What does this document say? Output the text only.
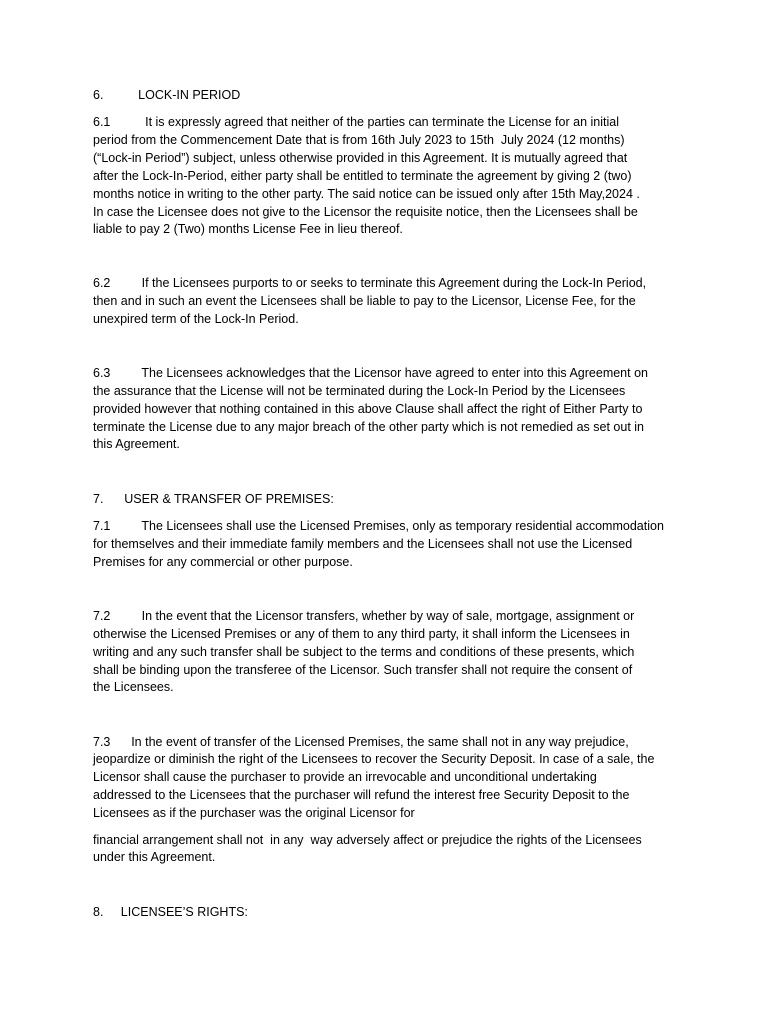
6.          LOCK-IN PERIOD
6.1          It is expressly agreed that neither of the parties can terminate the License for an initial
period from the Commencement Date that is from 16th July 2023 to 15th  July 2024 (12 months)
(“Lock-in Period”) subject, unless otherwise provided in this Agreement. It is mutually agreed that
after the Lock-In-Period, either party shall be entitled to terminate the agreement by giving 2 (two)
months notice in writing to the other party. The said notice can be issued only after 15th May,2024 .
In case the Licensee does not give to the Licensor the requisite notice, then the Licensees shall be
liable to pay 2 (Two) months License Fee in lieu thereof.
6.2         If the Licensees purports to or seeks to terminate this Agreement during the Lock-In Period,
then and in such an event the Licensees shall be liable to pay to the Licensor, License Fee, for the
unexpired term of the Lock-In Period.
6.3         The Licensees acknowledges that the Licensor have agreed to enter into this Agreement on
the assurance that the License will not be terminated during the Lock-In Period by the Licensees
provided however that nothing contained in this above Clause shall affect the right of Either Party to
terminate the License due to any major breach of the other party which is not remedied as set out in
this Agreement.
7.      USER & TRANSFER OF PREMISES:
7.1         The Licensees shall use the Licensed Premises, only as temporary residential accommodation
for themselves and their immediate family members and the Licensees shall not use the Licensed
Premises for any commercial or other purpose.
7.2         In the event that the Licensor transfers, whether by way of sale, mortgage, assignment or
otherwise the Licensed Premises or any of them to any third party, it shall inform the Licensees in
writing and any such transfer shall be subject to the terms and conditions of these presents, which
shall be binding upon the transferee of the Licensor. Such transfer shall not require the consent of
the Licensees.
7.3      In the event of transfer of the Licensed Premises, the same shall not in any way prejudice,
jeopardize or diminish the right of the Licensees to recover the Security Deposit. In case of a sale, the
Licensor shall cause the purchaser to provide an irrevocable and unconditional undertaking
addressed to the Licensees that the purchaser will refund the interest free Security Deposit to the
Licensees as if the purchaser was the original Licensor for
financial arrangement shall not  in any  way adversely affect or prejudice the rights of the Licensees
under this Agreement.
8.     LICENSEE’S RIGHTS:
